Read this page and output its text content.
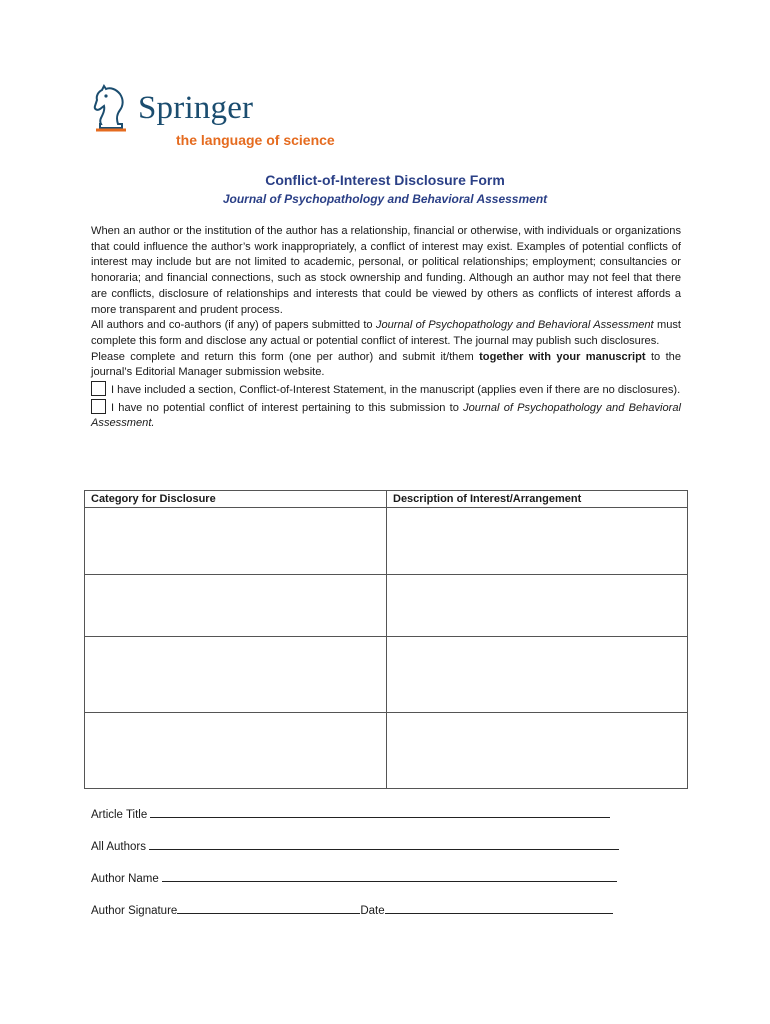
Springer
the language of science
Conflict-of-Interest Disclosure Form
Journal of Psychopathology and Behavioral Assessment

When an author or the institution of the author has a relationship, financial or otherwise, with individuals or organizations that could influence the author’s work inappropriately, a conflict of interest may exist. Examples of potential conflicts of interest may include but are not limited to academic, personal, or political relationships; employment; consultancies or honoraria; and financial connections, such as stock ownership and funding. Although an author may not feel that there are conflicts, disclosure of relationships and interests that could be viewed by others as conflicts of interest affords a more transparent and prudent process.

All authors and co-authors (if any) of papers submitted to Journal of Psychopathology and Behavioral Assessment must complete this form and disclose any actual or potential conflict of interest. The journal may publish such disclosures.

Please complete and return this form (one per author) and submit it/them together with your manuscript to the journal’s Editorial Manager submission website.

I have included a section, Conflict-of-Interest Statement, in the manuscript (applies even if there are no disclosures).

I have no potential conflict of interest pertaining to this submission to Journal of Psychopathology and Behavioral Assessment.

Category for Disclosure	Description of Interest/Arrangement

Article Title
All Authors
Author Name
Author Signature	Date
